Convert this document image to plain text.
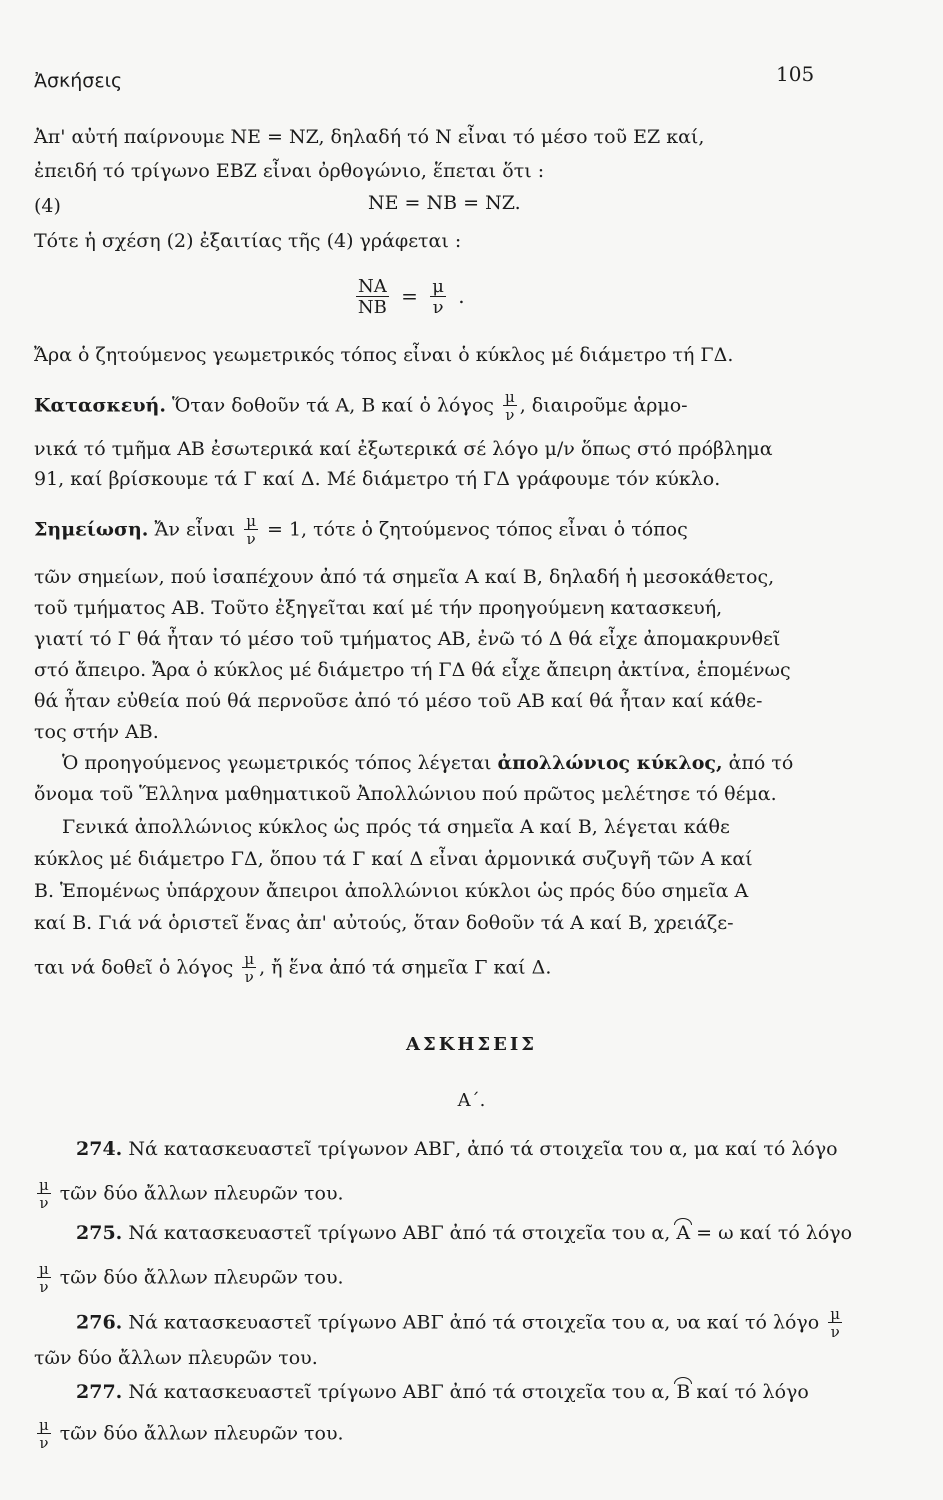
Ἀσκήσεις	105
Ἀπ' αὐτή παίρνουμε NE = NZ, δηλαδή τό N εἶναι τό μέσο τοῦ EZ καί,
ἐπειδή τό τρίγωνο EBZ εἶναι ὀρθογώνιο, ἕπεται ὅτι :
(4)	NE = NB = NZ.
Τότε ἡ σχέση (2) ἐξαιτίας τῆς (4) γράφεται :
$\frac{NA}{NB} = \frac{\mu}{\nu}$ .
Ἄρα ὁ ζητούμενος γεωμετρικός τόπος εἶναι ὁ κύκλος μέ διάμετρο τή ΓΔ.
Κατασκευή. Ὅταν δοθοῦν τά A, B καί ὁ λόγος $\frac{\mu}{\nu}$ , διαιροῦμε ἁρμο-
νικά τό τμῆμα AB ἐσωτερικά καί ἐξωτερικά σέ λόγο μ/ν ὅπως στό πρόβλημα
91, καί βρίσκουμε τά Γ καί Δ. Μέ διάμετρο τή ΓΔ γράφουμε τόν κύκλο.
Σημείωση. Ἄν εἶναι $\frac{\mu}{\nu} = 1$, τότε ὁ ζητούμενος τόπος εἶναι ὁ τόπος
τῶν σημείων, πού ἰσαπέχουν ἀπό τά σημεῖα A καί B, δηλαδή ἡ μεσοκάθετος,
τοῦ τμήματος AB. Τοῦτο ἐξηγεῖται καί μέ τήν προηγούμενη κατασκευή,
γιατί τό Γ θά ἦταν τό μέσο τοῦ τμήματος AB, ἐνῶ τό Δ θά εἶχε ἀπομακρυνθεῖ
στό ἄπειρο. Ἄρα ὁ κύκλος μέ διάμετρο τή ΓΔ θά εἶχε ἄπειρη ἀκτίνα, ἑπομένως
θά ἦταν εὐθεία πού θά περνοῦσε ἀπό τό μέσο τοῦ AB καί θά ἦταν καί κάθε-
τος στήν AB.
Ὁ προηγούμενος γεωμετρικός τόπος λέγεται ἀπολλώνιος κύκλος, ἀπό τό
ὄνομα τοῦ Ἕλληνα μαθηματικοῦ Ἀπολλώνιου πού πρῶτος μελέτησε τό θέμα.
Γενικά ἀπολλώνιος κύκλος ὡς πρός τά σημεῖα A καί B, λέγεται κάθε
κύκλος μέ διάμετρο ΓΔ, ὅπου τά Γ καί Δ εἶναι ἁρμονικά συζυγῆ τῶν A καί
B. Ἑπομένως ὑπάρχουν ἄπειροι ἀπολλώνιοι κύκλοι ὡς πρός δύο σημεῖα A
καί B. Γιά νά ὁριστεῖ ἕνας ἀπ' αὐτούς, ὅταν δοθοῦν τά A καί B, χρειάζε-
ται νά δοθεῖ ὁ λόγος $\frac{\mu}{\nu}$ , ἤ ἕνα ἀπό τά σημεῖα Γ καί Δ.
ΑΣΚΗΣΕΙΣ
Α΄.
274. Νά κατασκευαστεῖ τρίγωνον ΑΒΓ, ἀπό τά στοιχεῖα του α, μα καί τό λόγο
$\frac{\mu}{\nu}$ τῶν δύο ἄλλων πλευρῶν του.
275. Νά κατασκευαστεῖ τρίγωνο ΑΒΓ ἀπό τά στοιχεῖα του α, A = ω καί τό λόγο
$\frac{\mu}{\nu}$ τῶν δύο ἄλλων πλευρῶν του.
276. Νά κατασκευαστεῖ τρίγωνο ΑΒΓ ἀπό τά στοιχεῖα του α, υα καί τό λόγο $\frac{\mu}{\nu}$
τῶν δύο ἄλλων πλευρῶν του.
277. Νά κατασκευαστεῖ τρίγωνο ΑΒΓ ἀπό τά στοιχεῖα του α, B καί τό λόγο
$\frac{\mu}{\nu}$ τῶν δύο ἄλλων πλευρῶν του.
